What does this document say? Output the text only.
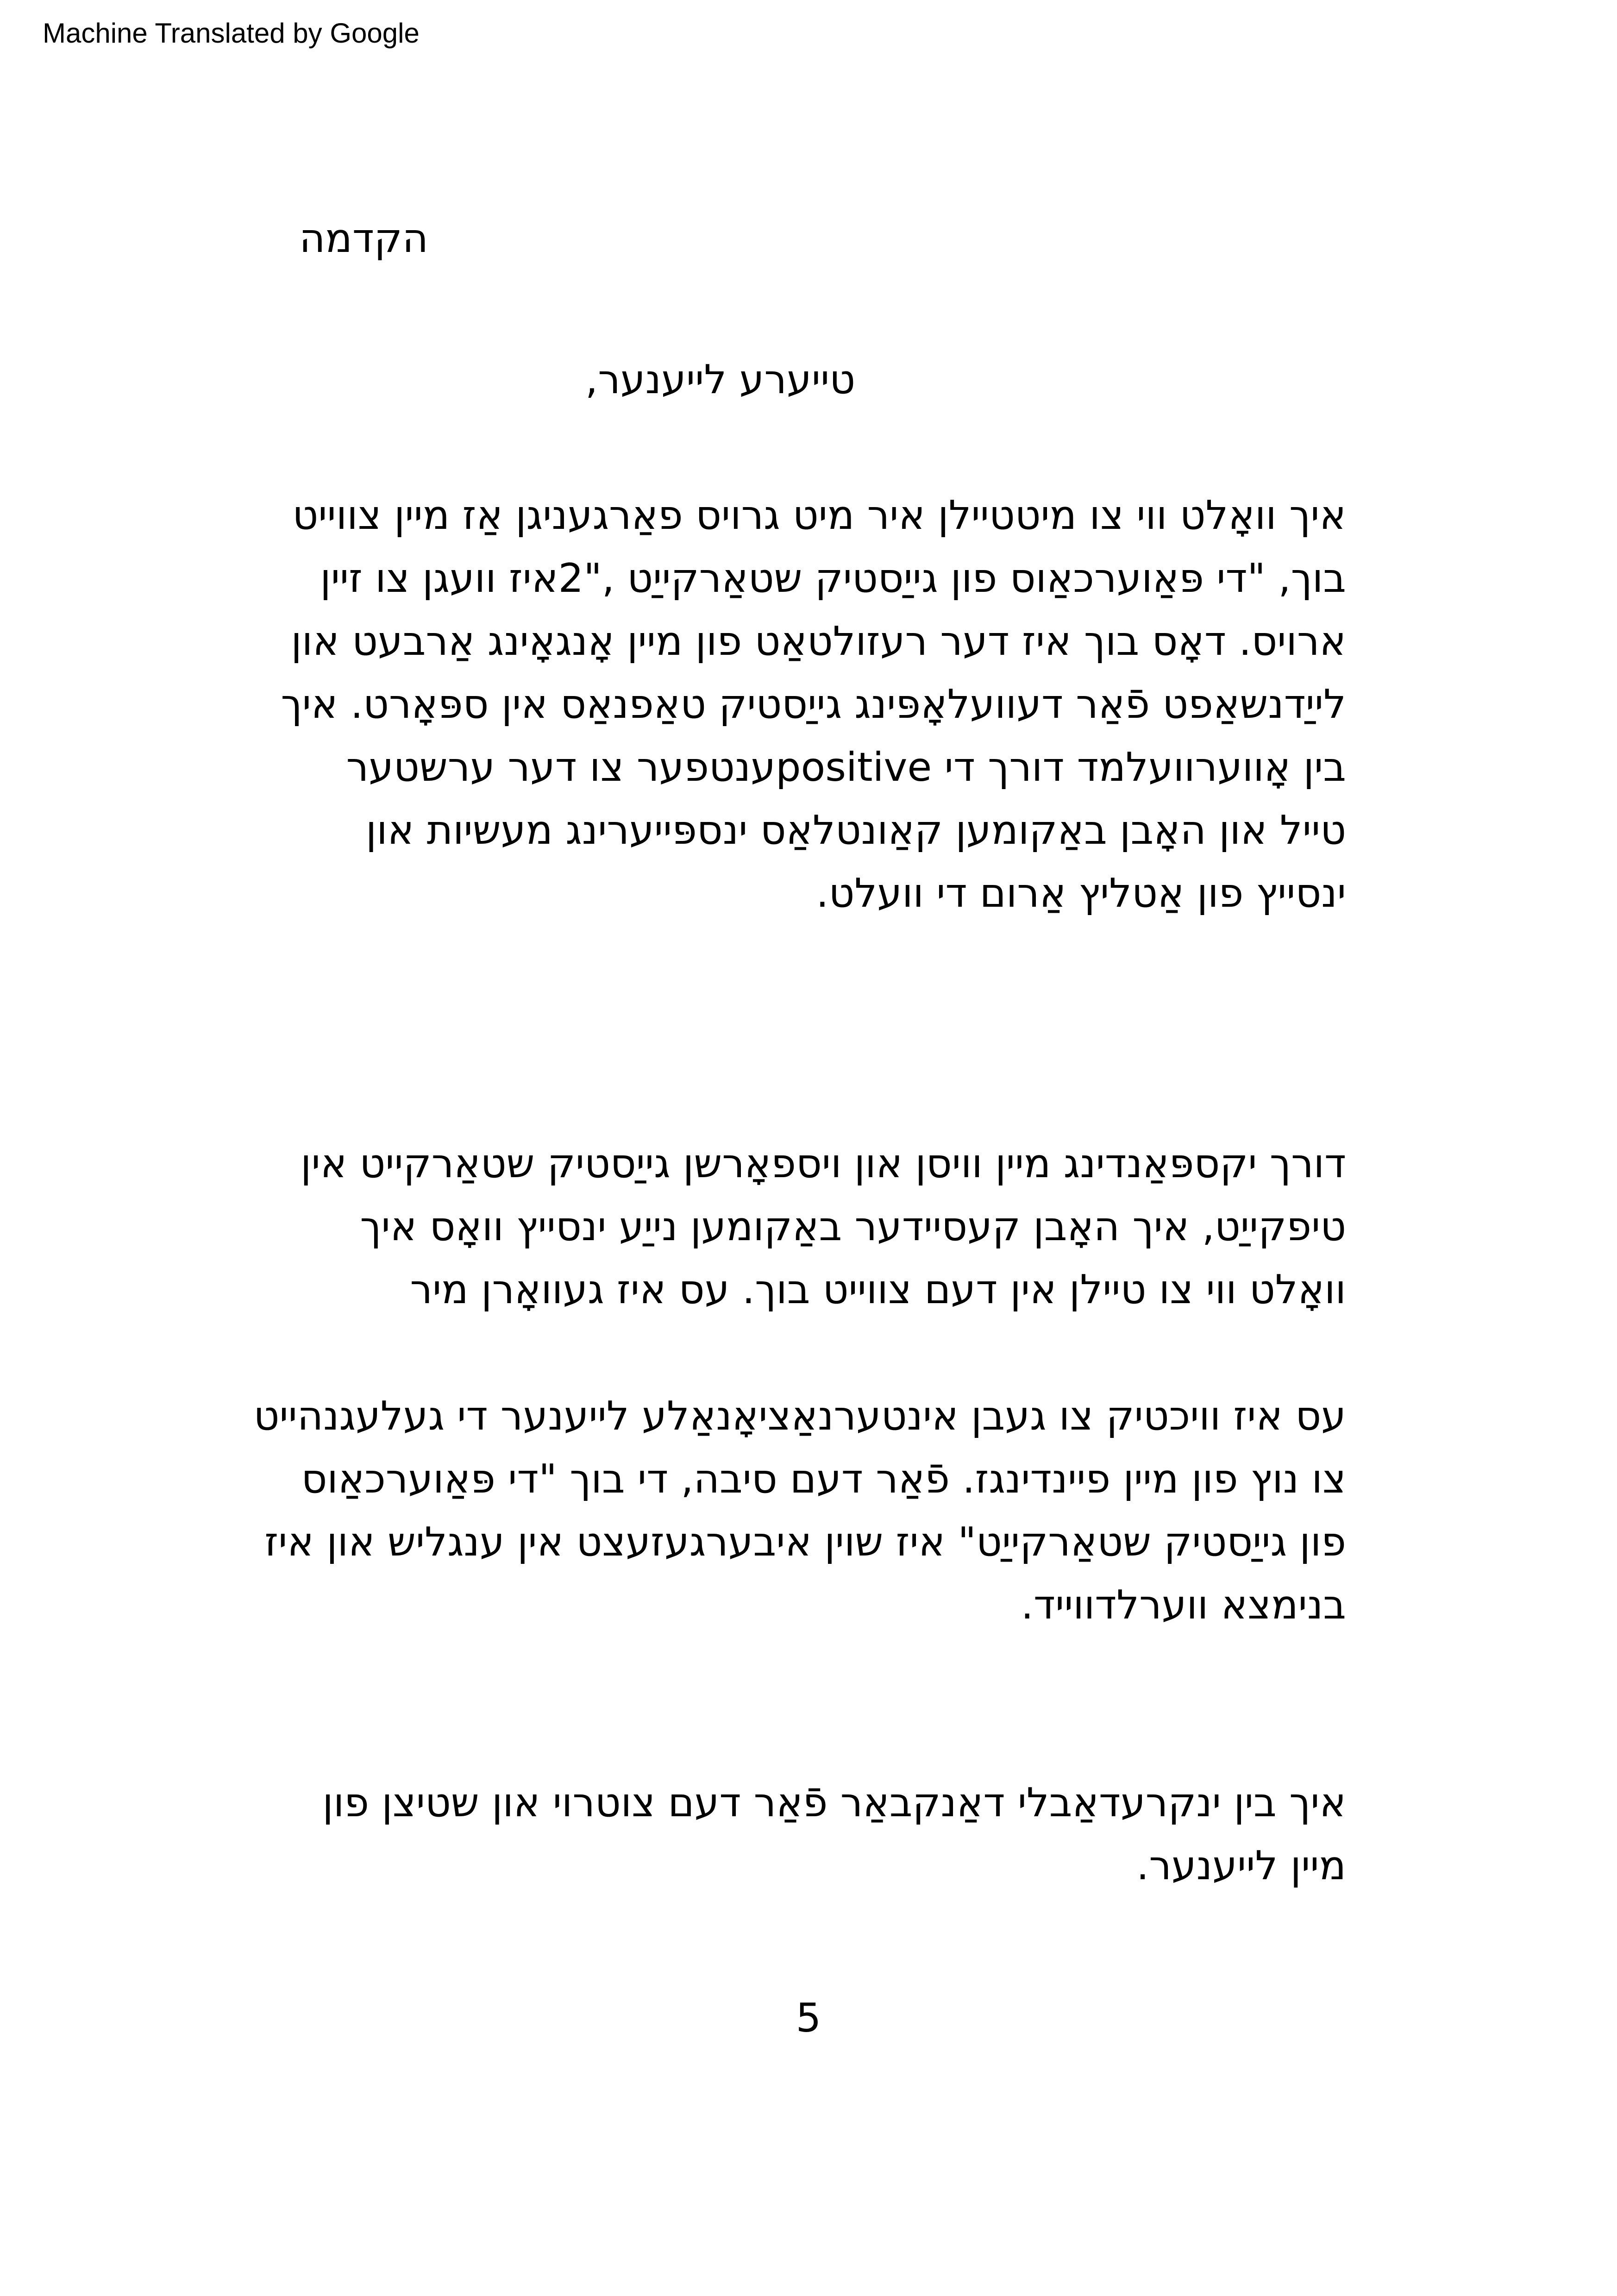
Machine Translated by Google
הקדמה
טייערע לייענער,
איך וואָלט ווי צו מיטטיילן איר מיט גרויס פאַרגעניגן אַז מיין צווייט
בוך, "די פּאַוערכאַוס פון גייַסטיק שטאַרקייַט ,"2איז וועגן צו זיין
ארויס. דאָס בוך איז דער רעזולטאַט פון מיין אָנגאָינג אַרבעט און
לייַדנשאַפט פֿאַר דעוועלאָפּינג גייַסטיק טאַפנאַס אין ספּאָרט. איך
בין אָווערוועלמד דורך די positiveענטפער צו דער ערשטער
טייל און האָבן באַקומען קאַונטלאַס ינספּייערינג מעשיות און
ינסייץ פון אַטליץ אַרום די וועלט.
דורך יקספּאַנדינג מיין וויסן און ויספאָרשן גייַסטיק שטאַרקייט אין
טיפקייַט, איך האָבן קעסיידער באַקומען נייַע ינסייץ וואָס איך
וואָלט ווי צו טיילן אין דעם צווייט בוך. עס איז געוואָרן מיר
עס איז וויכטיק צו געבן אינטערנאַציאָנאַלע לייענער די געלעגנהייט
צו נוץ פון מיין פיינדינגז. פֿאַר דעם סיבה, די בוך "די פּאַוערכאַוס
פון גייַסטיק שטאַרקייַט" איז שוין איבערגעזעצט אין ענגליש און איז
בנימצא ווערלדווייד.
איך בין ינקרעדאַבלי דאַנקבאַר פֿאַר דעם צוטרוי און שטיצן פון
מיין לייענער.
5
